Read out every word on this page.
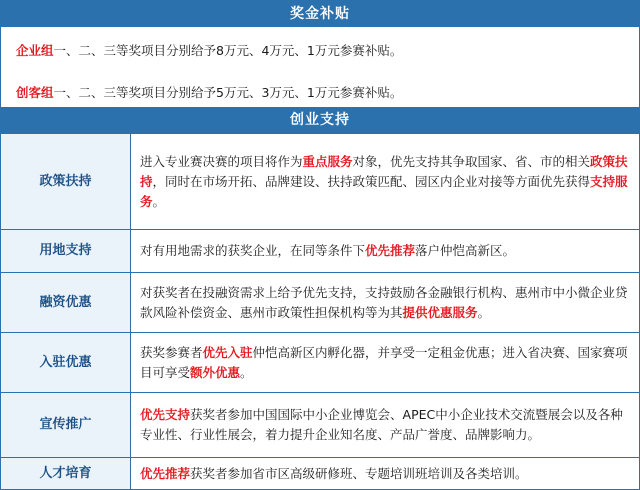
奖金补贴
企业组一、二、三等奖项目分别给予8万元、4万元、1万元参赛补贴。
创客组一、二、三等奖项目分别给予5万元、3万元、1万元参赛补贴。
创业支持
政策扶持	进入专业赛决赛的项目将作为重点服务对象，优先支持其争取国家、省、市的相关政策扶持，同时在市场开拓、品牌建设、扶持政策匹配、园区内企业对接等方面优先获得支持服务。
用地支持	对有用地需求的获奖企业，在同等条件下优先推荐落户仲恺高新区。
融资优惠	对获奖者在投融资需求上给予优先支持，支持鼓励各金融银行机构、惠州市中小微企业贷款风险补偿资金、惠州市政策性担保机构等为其提供优惠服务。
入驻优惠	获奖参赛者优先入驻仲恺高新区内孵化器，并享受一定租金优惠；进入省决赛、国家赛项目可享受额外优惠。
宣传推广	优先支持获奖者参加中国国际中小企业博览会、APEC中小企业技术交流暨展会以及各种专业性、行业性展会，着力提升企业知名度、产品广誉度、品牌影响力。
人才培育	优先推荐获奖者参加省市区高级研修班、专题培训班培训及各类培训。
